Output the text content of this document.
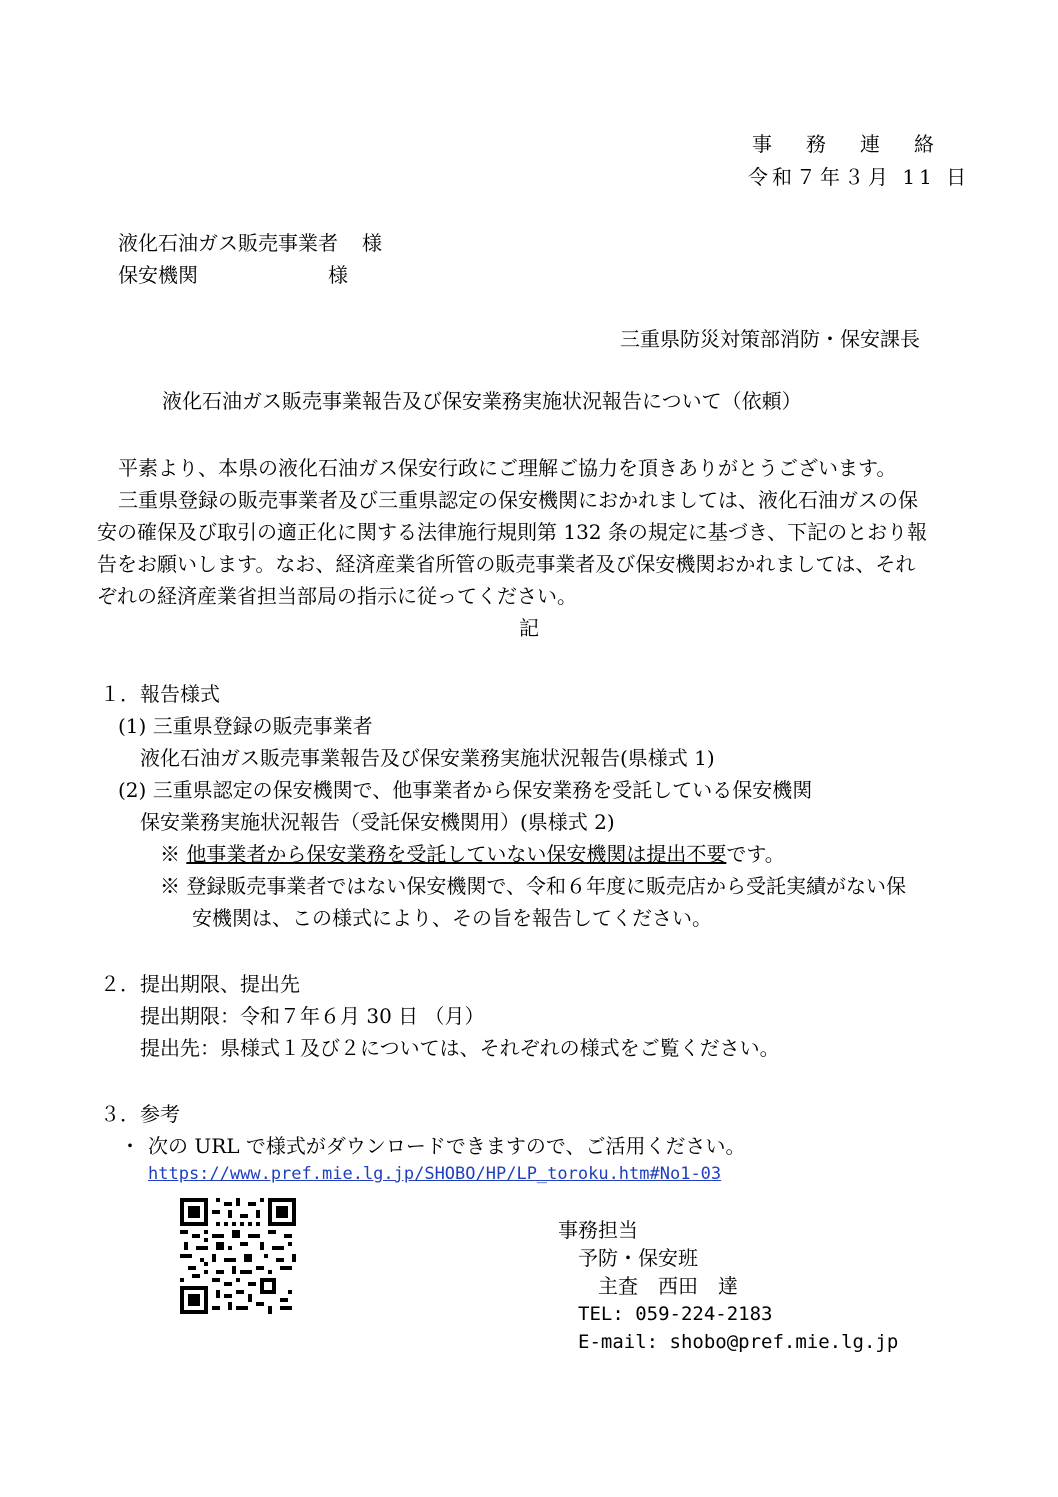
事務連絡
令和７年３月 11 日
液化石油ガス販売事業者 様
保安機関	様
三重県防災対策部消防・保安課長
液化石油ガス販売事業報告及び保安業務実施状況報告について（依頼）
平素より、本県の液化石油ガス保安行政にご理解ご協力を頂きありがとうございます。
三重県登録の販売事業者及び三重県認定の保安機関におかれましては、液化石油ガスの保
安の確保及び取引の適正化に関する法律施行規則第 132 条の規定に基づき、下記のとおり報
告をお願いします。なお、経済産業省所管の販売事業者及び保安機関おかれましては、それ
ぞれの経済産業省担当部局の指示に従ってください。
記
１．報告様式
(1) 三重県登録の販売事業者
液化石油ガス販売事業報告及び保安業務実施状況報告(県様式 1)
(2) 三重県認定の保安機関で、他事業者から保安業務を受託している保安機関
保安業務実施状況報告（受託保安機関用）(県様式 2)
※ 他事業者から保安業務を受託していない保安機関は提出不要です。
※ 登録販売事業者ではない保安機関で、令和６年度に販売店から受託実績がない保
安機関は、この様式により、その旨を報告してください。
２．提出期限、提出先
提出期限：令和７年６月 30 日 （月）
提出先：県様式１及び２については、それぞれの様式をご覧ください。
３．参考
・ 次の URL で様式がダウンロードできますので、ご活用ください。
https://www.pref.mie.lg.jp/SHOBO/HP/LP_toroku.htm#No1-03
事務担当
予防・保安班
主査　西田　達
TEL: 059-224-2183
E-mail: shobo@pref.mie.lg.jp
